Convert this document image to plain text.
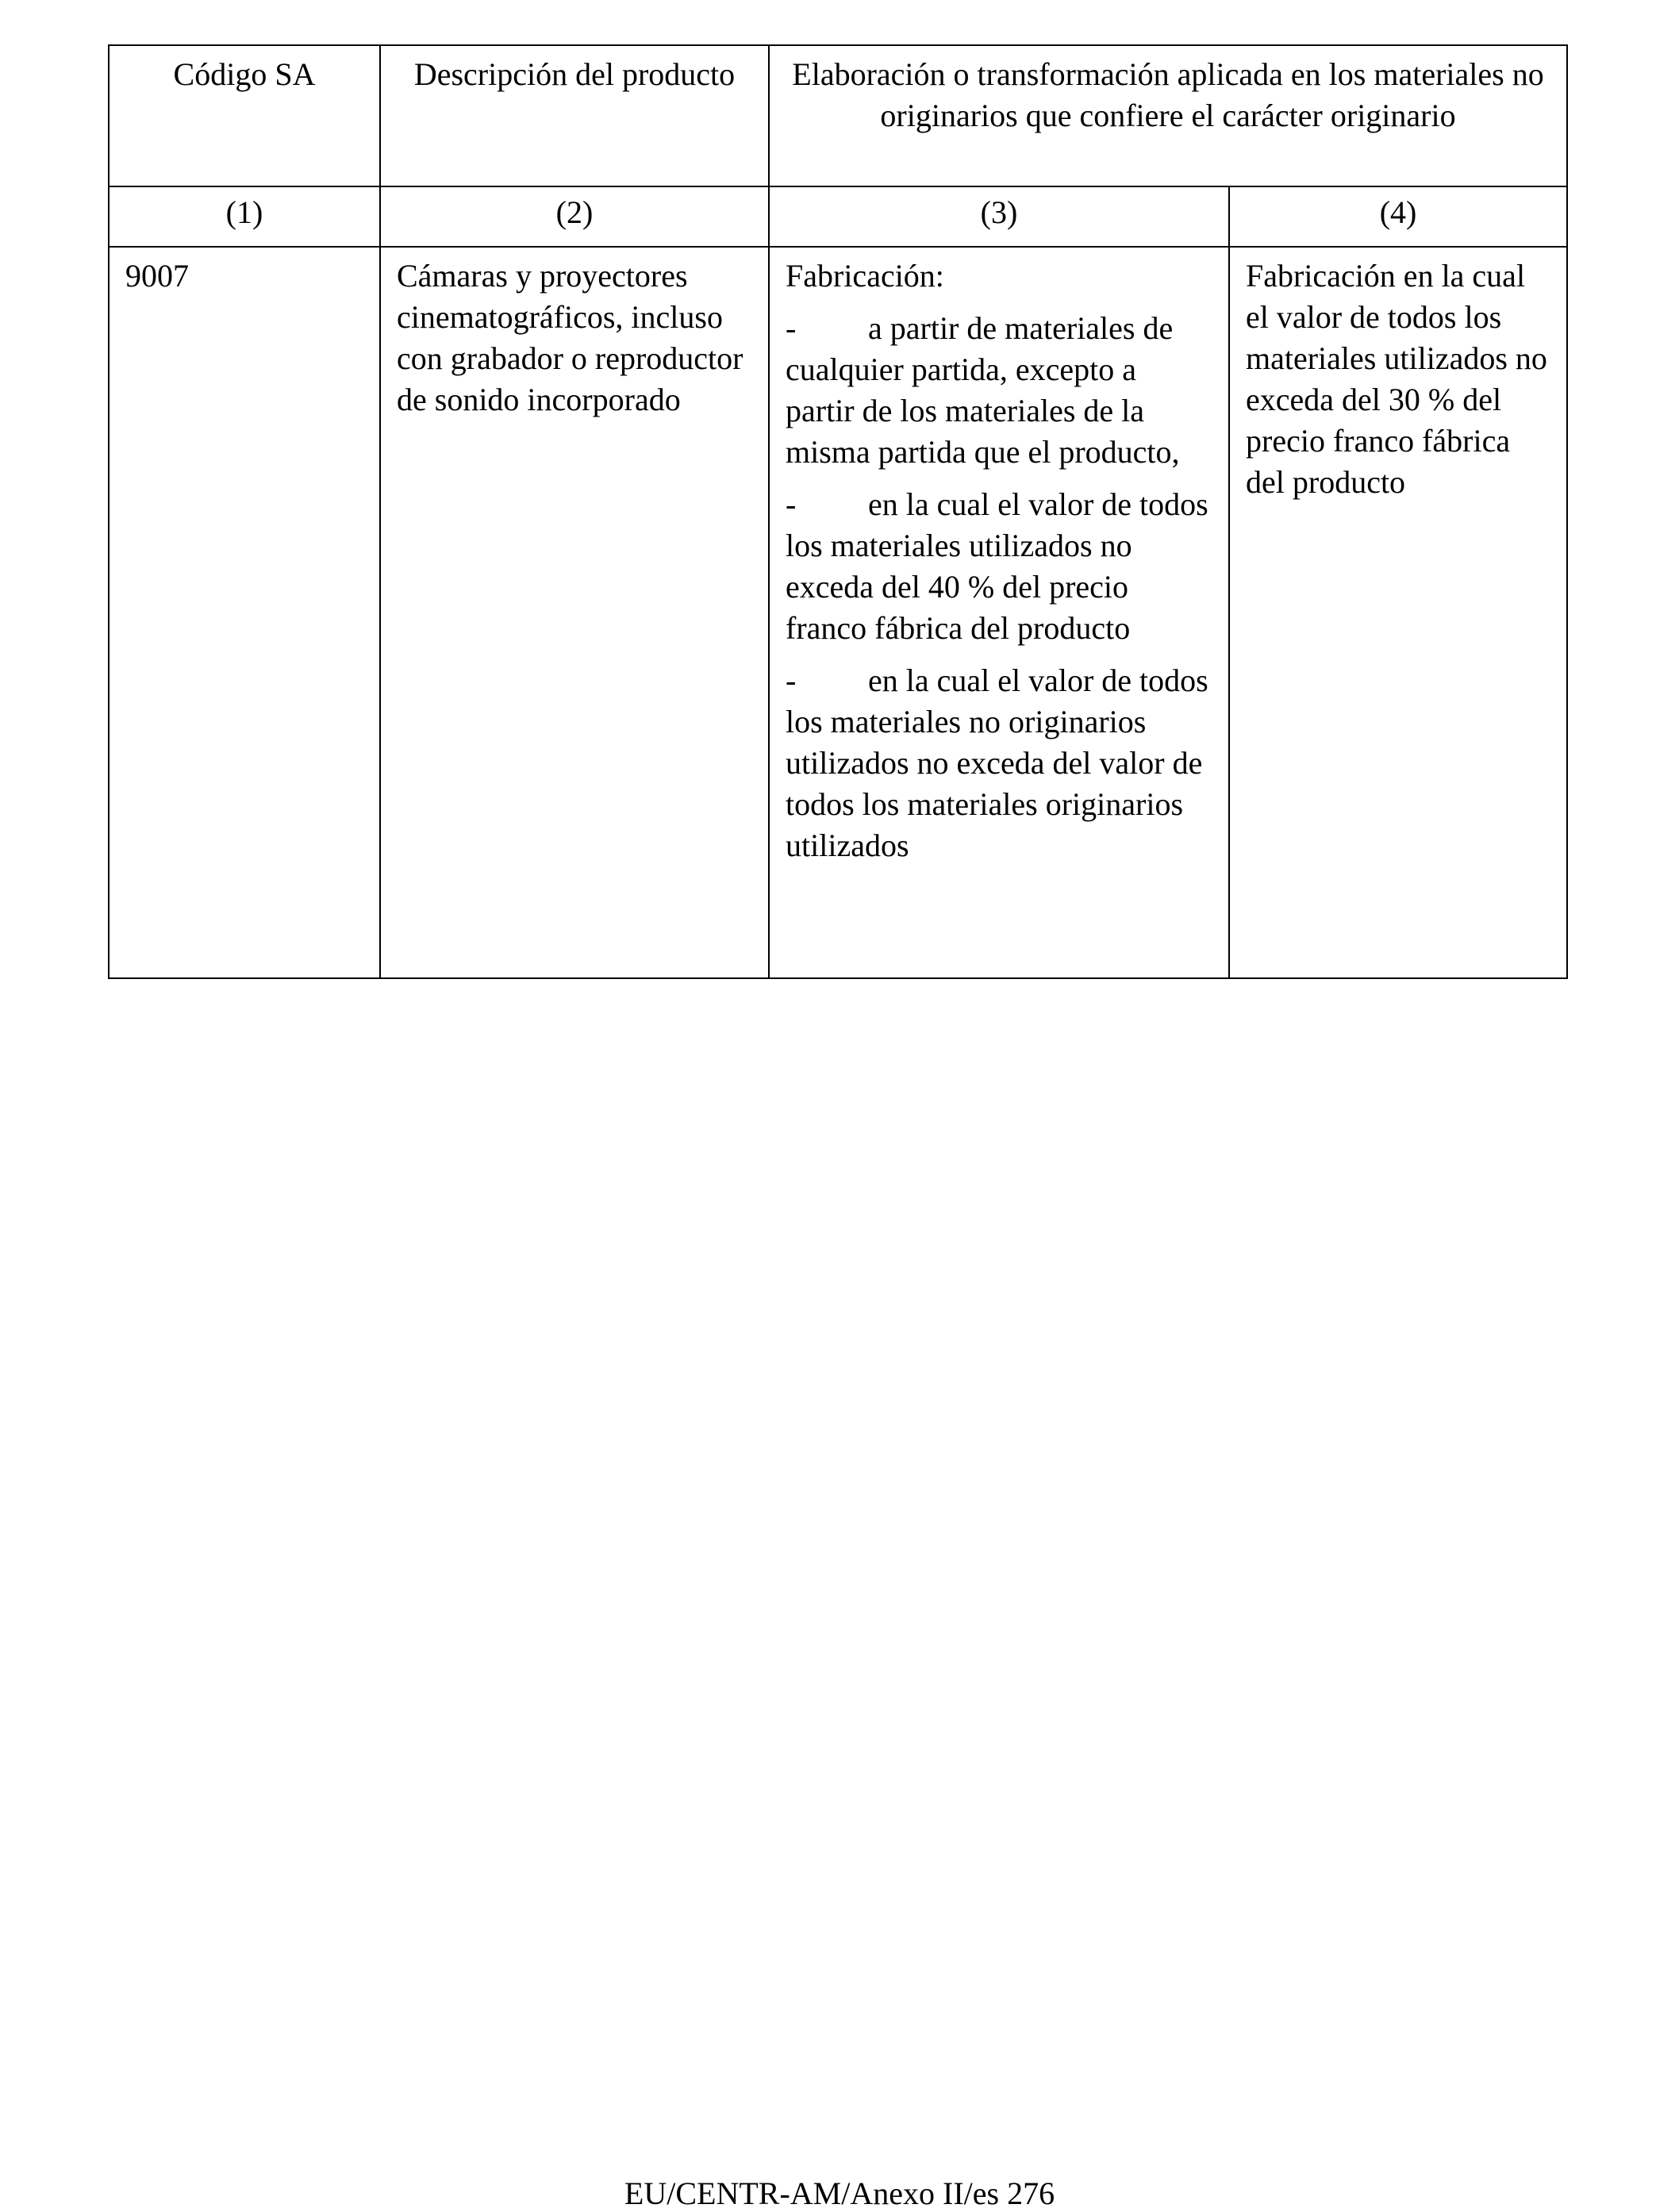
Código SA	Descripción del producto	Elaboración o transformación aplicada en los materiales no originarios que confiere el carácter originario	
(1)	(2)	(3)	(4)
9007	Cámaras y proyectores cinematográficos, incluso con grabador o reproductor de sonido incorporado	Fabricación:

- a partir de materiales de cualquier partida, excepto a partir de los materiales de la misma partida que el producto,

- en la cual el valor de todos los materiales utilizados no exceda del 40 % del precio franco fábrica del producto

- en la cual el valor de todos los materiales no originarios utilizados no exceda del valor de todos los materiales originarios utilizados	Fabricación en la cual el valor de todos los materiales utilizados no exceda del 30 % del precio franco fábrica del producto
EU/CENTR-AM/Anexo II/es 276
